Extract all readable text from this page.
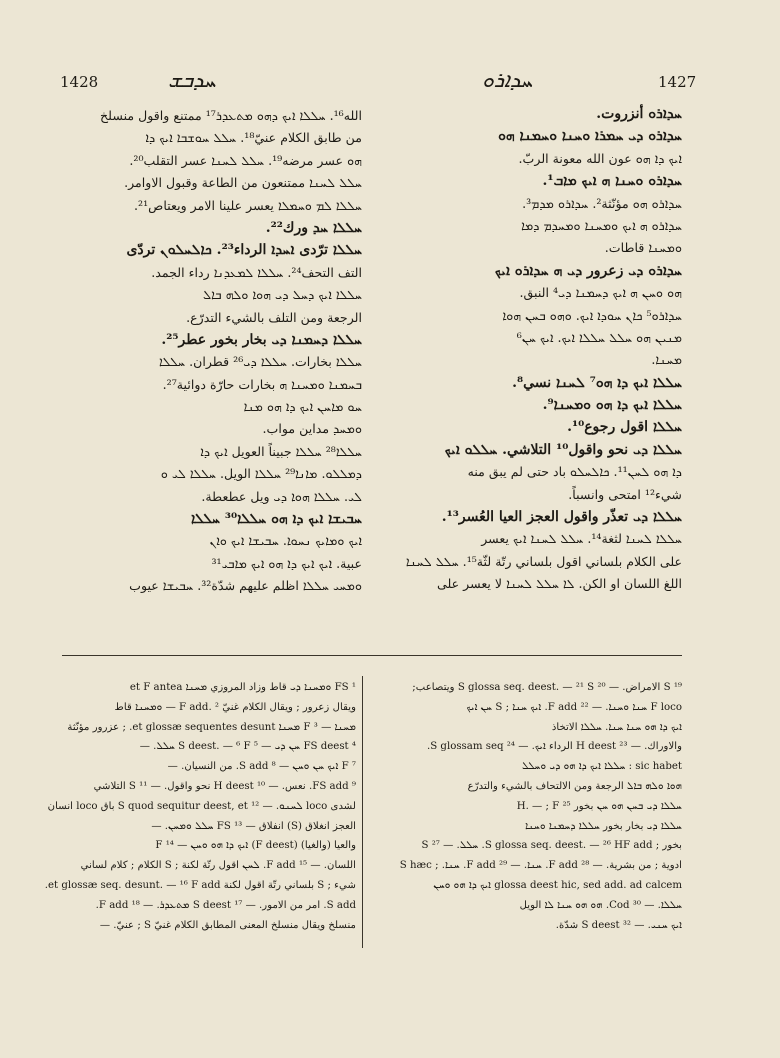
1428	ܚܕܒܫ	ܚܕܐܪܘ	1427
الله¹⁶. ܚܠܠܐ ܐܝܟ ܕܗܘ ܡܬܥܕܪ¹⁷ ممتنع واقول منسلخ
من طابق الكلام عنيّ¹⁸. ܚܠܠ ܚܘܫܒܐ ܐܝܟ ܕܐ
ܗܘ عسر مرضه¹⁹. ܚܠܠ ܠܚܢܐ عسر التقلب²⁰.
ܚܠܠ ܠܚܢܐ ممتنعون من الطاعة وقبول الاوامر.
ܚܠܠܐ ܠܡ ܘܚܡܠܐ يعسر علينا الامر ويعتاص²¹.
ܚܠܠܐ ܚܕ ورك²².
ܚܠܠܐ ترّدى ܐܚܕܐ الرداء²³. ܟܐܠܚܠܘܢ تردّى
التف التحف²⁴. ܚܠܠܐ ܠܡܥܕܢܐ رداء الجمد.
ܚܠܠܐ ܐܝܟ ܕܚܠ ܕܝ ܗܘܐ ܘܠܗ ܒܐܠ
الرجعة ومن التلف بالشيء التدرّع.
ܚܠܠܐ ܕܚܡܢܐ ܕܝ بخار بخور عطر²⁵.
ܚܠܠܐ بخارات. ܚܠܠܐ ܕܝ²⁶ قطران. ܚܠܠܐ
ܒܚܡܢܐ ܘܡܚܢܐ ܗ بخارات حارّة دوائية²⁷.
ܚܘ ܡܐܚܢ ܐܝܟ ܕܐ ܗܘ ܡܢܐ
ܘܡܚܕ مداين مواب.
ܚܠܠܐ²⁸ ܚܠܠܐ جبيناً العويل ܐܝܟ ܕܐ
ܕܡܠܠܘ. ܡܐܢܐ²⁹ ܚܠܠܐ الويل. ܚܠܠܐ ܠܝ ܘ
ܠܝ. ܚܠܠܐ ܗܘܐ ܕܝ ويل عطعطة.
ܚܒܝܫܐ ܐܝܟ ܕܐ ܗܘ ܚܠܠܐ³⁰ ܚܠܠܐ
ܐܝܟ ܘܡܐܝܟ ܢܚܘܐ. ܚܒܝܫܐ ܐܝܟ ܘܐܢ
عبية. ܐܝܟ ܐܝܟ ܕܐ ܗܘ ܐܝܟ ܡܐܒܝ³¹
ܘܡܚܝ ܚܠܠܐ اظلم عليهم شدّة³². ܚܒܝܫܐ عيوب
ܚܕܐܪܘ أنزروت.
ܚܕܐܪܘ ܕܝ ܚܡܪܐ ܘܚܢܐ ܘܚܡܢܐ ܗܘ
ܐܝܟ ܕܐ ܗܘ عون الله معونة الربّ.
ܚܕܐܪܘ ܘܚܢܐ ܗ ܐܝܟ ܡܐܒ¹.
ܚܕܐܪܘ ܗܘ مؤنّثة². ܚܕܐܪܘ ܡܕܡ³.
ܚܕܐܪܘ ܗ ܐܝܟ ܘܡܚܢܐ ܘܡܚܕܡ ܕܡܐ
ܘܡܚܢܐ قاطات.
ܚܕܐܪܘ ܕܝ زعرور ܕܝ ܗ ܚܕܐܪܘ ܐܝܟ
ܗܘ ܘܚܢ ܗ ܐܝܟ ܕܚܡܢܐ ܕܝ⁴ النبق.
ܚܕܐܪܘ⁵ ܟܐܢ ܚܘܕܐ ܐܝܟ. ܘܗܘ ܒܚܢ ܗܘܐ
ܡܢܝܢ ܗܘ ܚܠܠ ܚܠܠܐ ܐܝܟ. ܐܝܟ ܚܢ⁶
ܡܚܢܐ.
ܚܠܠܐ ܐܝܟ ܕܐ ܗܘ⁷ ܠܚܢܐ نسي⁸.
ܚܠܠܐ ܐܝܟ ܕܐ ܗܘ ܘܡܚܢܐ⁹.
ܚܠܠܐ اقول رجوع¹⁰.
ܚܠܠܐ ܕܝ نحو واقول¹⁰ التلاشي. ܚܠܠܘ ܐܝܟ
ܕܐ ܗܘ ܠܚܢ¹¹. ܟܐܠܚܠܘ باد حتى لم يبق منه
شيء¹² امتحى وانسباً.
ܚܠܠܐ ܕܝ تعذّر واقول العجز العيا العُسر¹³.
ܚܠܠܐ ܠܚܢܐ لثغة¹⁴. ܚܠܠ ܠܚܢܐ ܐܝܟ يعسر
على الكلام بلساني اقول بلساني رتّة لثّة¹⁵. ܚܠܠ ܠܚܢܐ
اللغ اللسان او الكن. ܠܐ ܚܠܠ ܠܚܢܐ لا يعسر على
¹ FS ܘܡܚܢܐ ܕܝ قاط وزاد المروزي ܡܚܢܐ et F antea
ويقال زعرور ; ويقال الكلام غنيّ F add. ² — ܘܡܚܢܐ قاط
ܡܚܢܐ — ³ F ܡܚܢܐ et glossæ sequentes desunt. ; عزرور مؤنّثة
⁴ FS deest ܚܢ ܕܝ — ⁵ S deest. — ⁶ F ܚܠܠ. —
⁷ F ܐܝܟ ܚܢ ܘܚܢ — ⁸ S add. من النسيان. —
⁹ FS add. نعس. — ¹⁰ H deest نحو واقول. — ¹¹ S التلاشي
لشدى loco ܠܚܢܘ. — ¹² S quod sequitur deest, et باق loco انسان
العجز انغلاق (S) انفلاق — ¹³ FS ܚܠܠ ܘܡܚܢ. —
والعيا (والغيا) (F deest) ܐܝܟ ܕܐ ܗܘ ܘܚܢ — ¹⁴ F
اللسان. — ¹⁵ F add. ܠܚܢ اقول رتّة لكنة ; S الكلام ; كلام لساني
شيء ; S بلساني رتّة اقول لكنة et glossæ seq. desunt. — ¹⁶ F add.
S add. امر من الامور. — ¹⁷ S deest ܡܬܥܕܪ. — ¹⁸ F add.
منسلخ ويقال منسلخ المعنى المطابق الكلام غنيّ S ; عنيّ. —
¹⁹ S الامراض. — ²⁰ S glossa seq. deest. — ²¹ S ويتصاعب;
F loco ܚܢܐ ܘܚܢܐ. — ²² F add. ܐܝܟ ܚܢܐ ; S ܚܢ ܐܝܟ
ܐܝܟ ܕܐ ܗܘ ܚܢܐ ܚܢܐ. ܚܠܠܐ الاتخاذ
والاوراك. — ²³ H deest الرداء ܐܝܟ. — ²⁴ S glossam seq.
sic habet : ܚܠܠܐ ܐܝܟ ܕܐ ܗܘ ܕܝ ܘܚܠܠ
ܗܘܐ ܘܠܗ ܒܐܠ الرجعة ومن الالتحاف بالشيء والتدرّع
ܚܠܠܐ ܕܝ ܒܚܢ ܗܘ ܚܢ بخور ²⁵ H. — ; F
ܚܠܠܐ ܕܝ بخار بخور ܚܠܠܐ ܕܚܡܢܐ ܘܚܢܐ
بخور ; S glossa seq. deest. — ²⁶ HF add. ܚܠܠ. — ²⁷ S
ادوية ; من بشرية. — ²⁸ F add. ܚܢܐ. — ²⁹ F add. ܚܢܐ. ; S hæc
glossa deest hic, sed add. ad calcem ܐܝܟ ܕܐ ܗܘ ܘܚܢ
ܚܠܠܐ. — ³⁰ Cod. ܗܘ ܗܘ ܚܢܐ ܠܐ الويل
ܐܝܟ ܚܢܝ. — ³² S deest شدّة.
